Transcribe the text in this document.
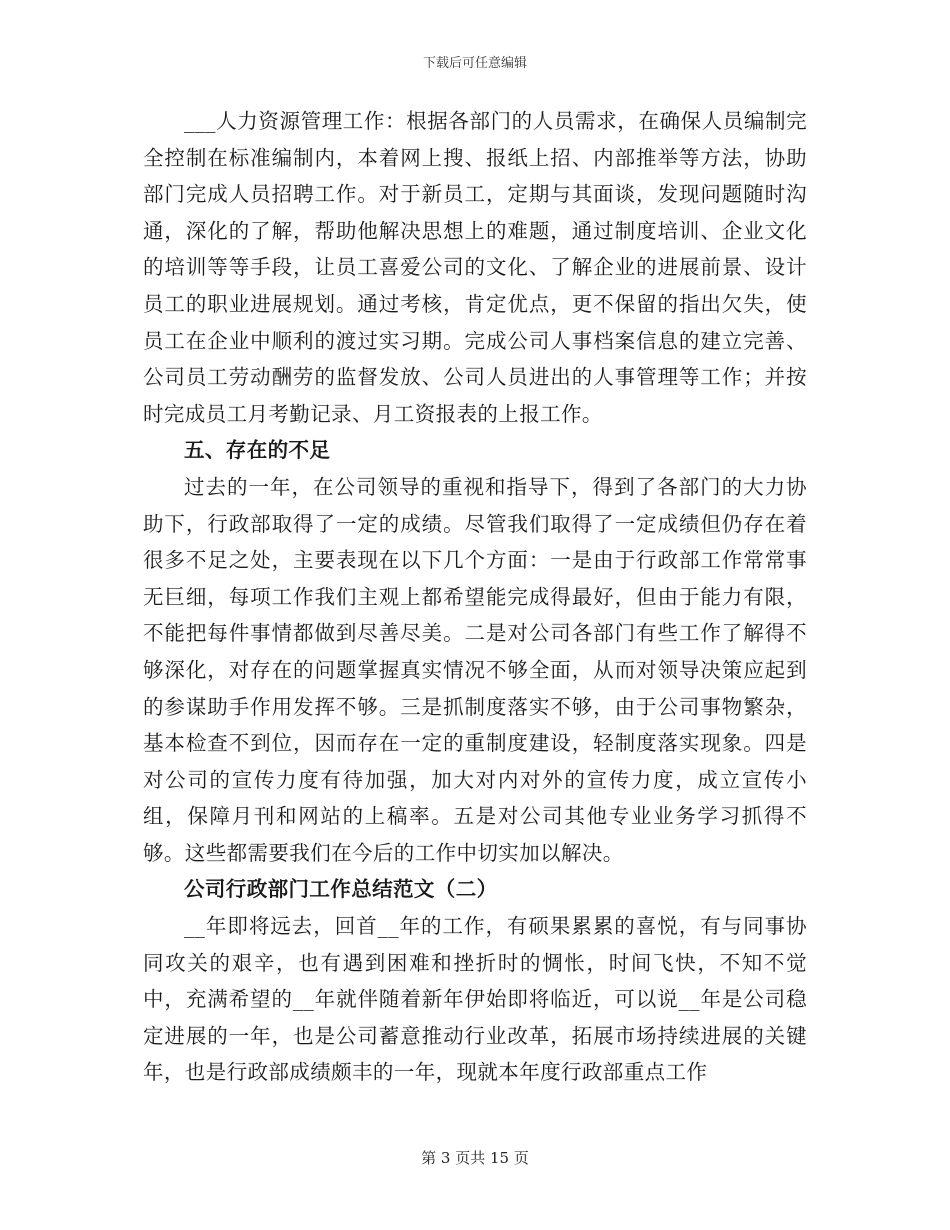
下载后可任意编辑

___人力资源管理工作：根据各部门的人员需求，在确保人员编制完全控制在标准编制内，本着网上搜、报纸上招、内部推举等方法，协助部门完成人员招聘工作。对于新员工，定期与其面谈，发现问题随时沟通，深化的了解，帮助他解决思想上的难题，通过制度培训、企业文化的培训等等手段，让员工喜爱公司的文化、了解企业的进展前景、设计员工的职业进展规划。通过考核，肯定优点，更不保留的指出欠失，使员工在企业中顺利的渡过实习期。完成公司人事档案信息的建立完善、公司员工劳动酬劳的监督发放、公司人员进出的人事管理等工作；并按时完成员工月考勤记录、月工资报表的上报工作。

五、存在的不足

过去的一年，在公司领导的重视和指导下，得到了各部门的大力协助下，行政部取得了一定的成绩。尽管我们取得了一定成绩但仍存在着很多不足之处，主要表现在以下几个方面：一是由于行政部工作常常事无巨细，每项工作我们主观上都希望能完成得最好，但由于能力有限，不能把每件事情都做到尽善尽美。二是对公司各部门有些工作了解得不够深化，对存在的问题掌握真实情况不够全面，从而对领导决策应起到的参谋助手作用发挥不够。三是抓制度落实不够，由于公司事物繁杂，基本检查不到位，因而存在一定的重制度建设，轻制度落实现象。四是对公司的宣传力度有待加强，加大对内对外的宣传力度，成立宣传小组，保障月刊和网站的上稿率。五是对公司其他专业业务学习抓得不够。这些都需要我们在今后的工作中切实加以解决。

公司行政部门工作总结范文（二）

__年即将远去，回首__年的工作，有硕果累累的喜悦，有与同事协同攻关的艰辛，也有遇到困难和挫折时的惆怅，时间飞快，不知不觉中，充满希望的__年就伴随着新年伊始即将临近，可以说__年是公司稳定进展的一年，也是公司蓄意推动行业改革，拓展市场持续进展的关键年，也是行政部成绩颇丰的一年，现就本年度行政部重点工作

第 3 页共 15 页
